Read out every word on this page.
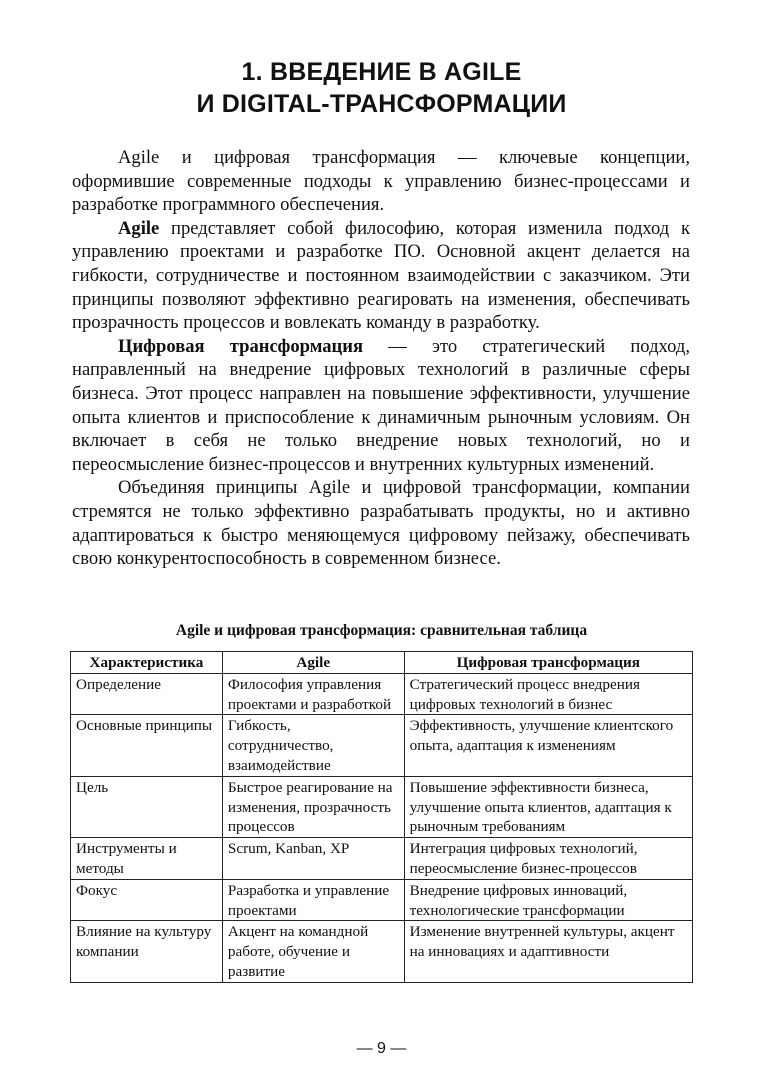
1. ВВЕДЕНИЕ В AGILE
И DIGITAL-ТРАНСФОРМАЦИИ

Agile и цифровая трансформация — ключевые концепции, оформившие современные подходы к управлению бизнес-процессами и разработке программного обеспечения.

Agile представляет собой философию, которая изменила подход к управлению проектами и разработке ПО. Основной акцент делается на гибкости, сотрудничестве и постоянном взаимодействии с заказчиком. Эти принципы позволяют эффективно реагировать на изменения, обеспечивать прозрачность процессов и вовлекать команду в разработку.

Цифровая трансформация — это стратегический подход, направленный на внедрение цифровых технологий в различные сферы бизнеса. Этот процесс направлен на повышение эффективности, улучшение опыта клиентов и приспособление к динамичным рыночным условиям. Он включает в себя не только внедрение новых технологий, но и переосмысление бизнес-процессов и внутренних культурных изменений.

Объединяя принципы Agile и цифровой трансформации, компании стремятся не только эффективно разрабатывать продукты, но и активно адаптироваться к быстро меняющемуся цифровому пейзажу, обеспечивать свою конкурентоспособность в современном бизнесе.

Agile и цифровая трансформация: сравнительная таблица
Характеристика	Agile	Цифровая трансформация
Определение	Философия управления проектами и разработкой	Стратегический процесс внедрения цифровых технологий в бизнес
Основные принципы	Гибкость, сотрудничество, взаимодействие	Эффективность, улучшение клиентского опыта, адаптация к изменениям
Цель	Быстрое реагирование на изменения, прозрачность процессов	Повышение эффективности бизнеса, улучшение опыта клиентов, адаптация к рыночным требованиям
Инструменты и методы	Scrum, Kanban, XP	Интеграция цифровых технологий, переосмысление бизнес-процессов
Фокус	Разработка и управление проектами	Внедрение цифровых инноваций, технологические трансформации
Влияние на культуру компании	Акцент на командной работе, обучение и развитие	Изменение внутренней культуры, акцент на инновациях и адаптивности
— 9 —
